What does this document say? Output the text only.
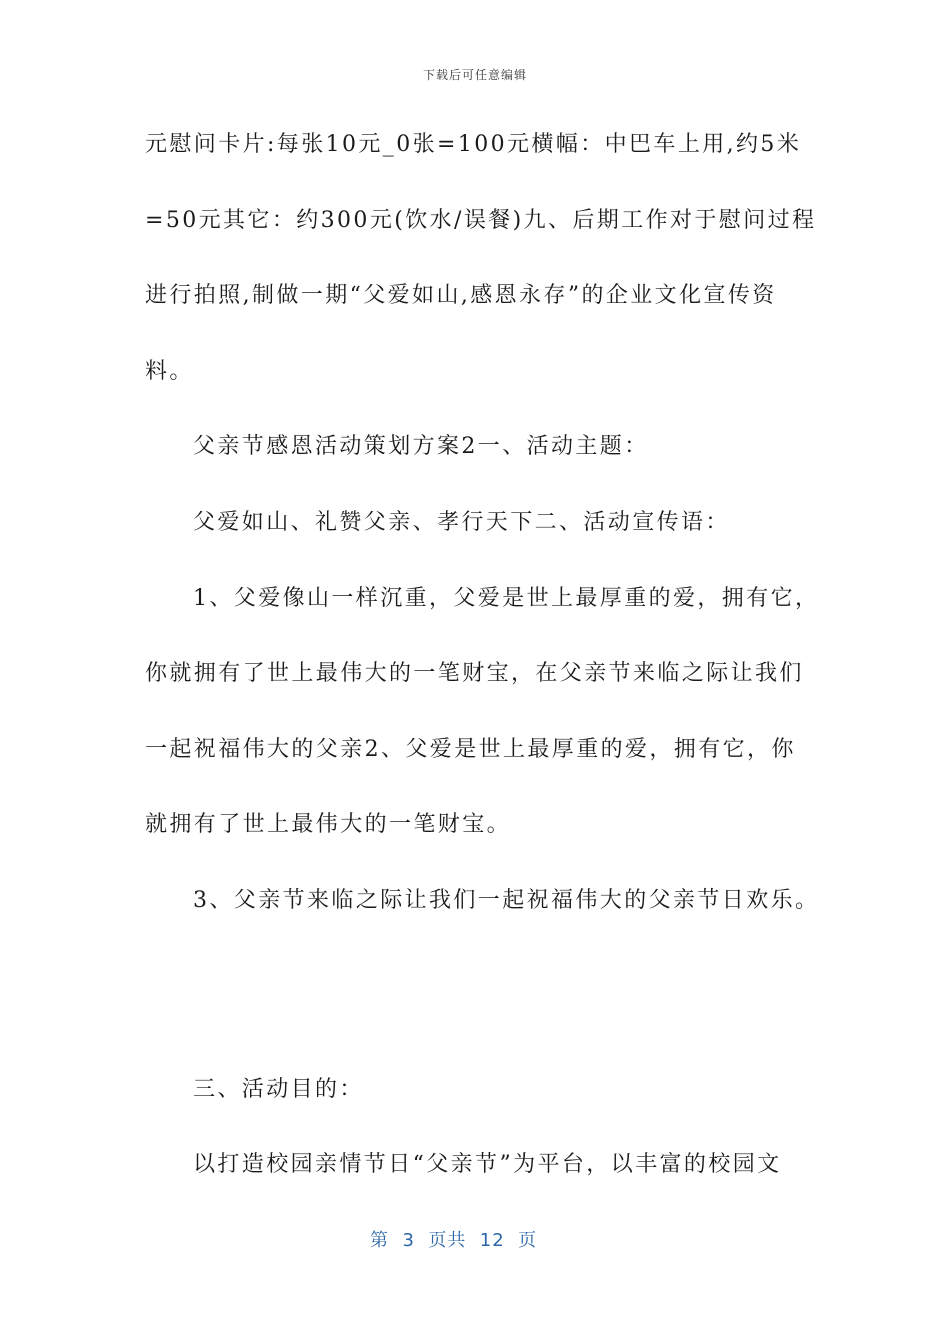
下载后可任意编辑
元慰问卡片:每张10元_0张=100元横幅：中巴车上用,约5米
=50元其它：约300元(饮水/误餐)九、后期工作对于慰问过程
进行拍照,制做一期“父爱如山,感恩永存”的企业文化宣传资
料。
父亲节感恩活动策划方案2一、活动主题：
父爱如山、礼赞父亲、孝行天下二、活动宣传语：
1、父爱像山一样沉重，父爱是世上最厚重的爱，拥有它，
你就拥有了世上最伟大的一笔财宝，在父亲节来临之际让我们
一起祝福伟大的父亲2、父爱是世上最厚重的爱，拥有它，你
就拥有了世上最伟大的一笔财宝。
3、父亲节来临之际让我们一起祝福伟大的父亲节日欢乐。
三、活动目的：
以打造校园亲情节日“父亲节”为平台，以丰富的校园文
第  3  页共  12  页
